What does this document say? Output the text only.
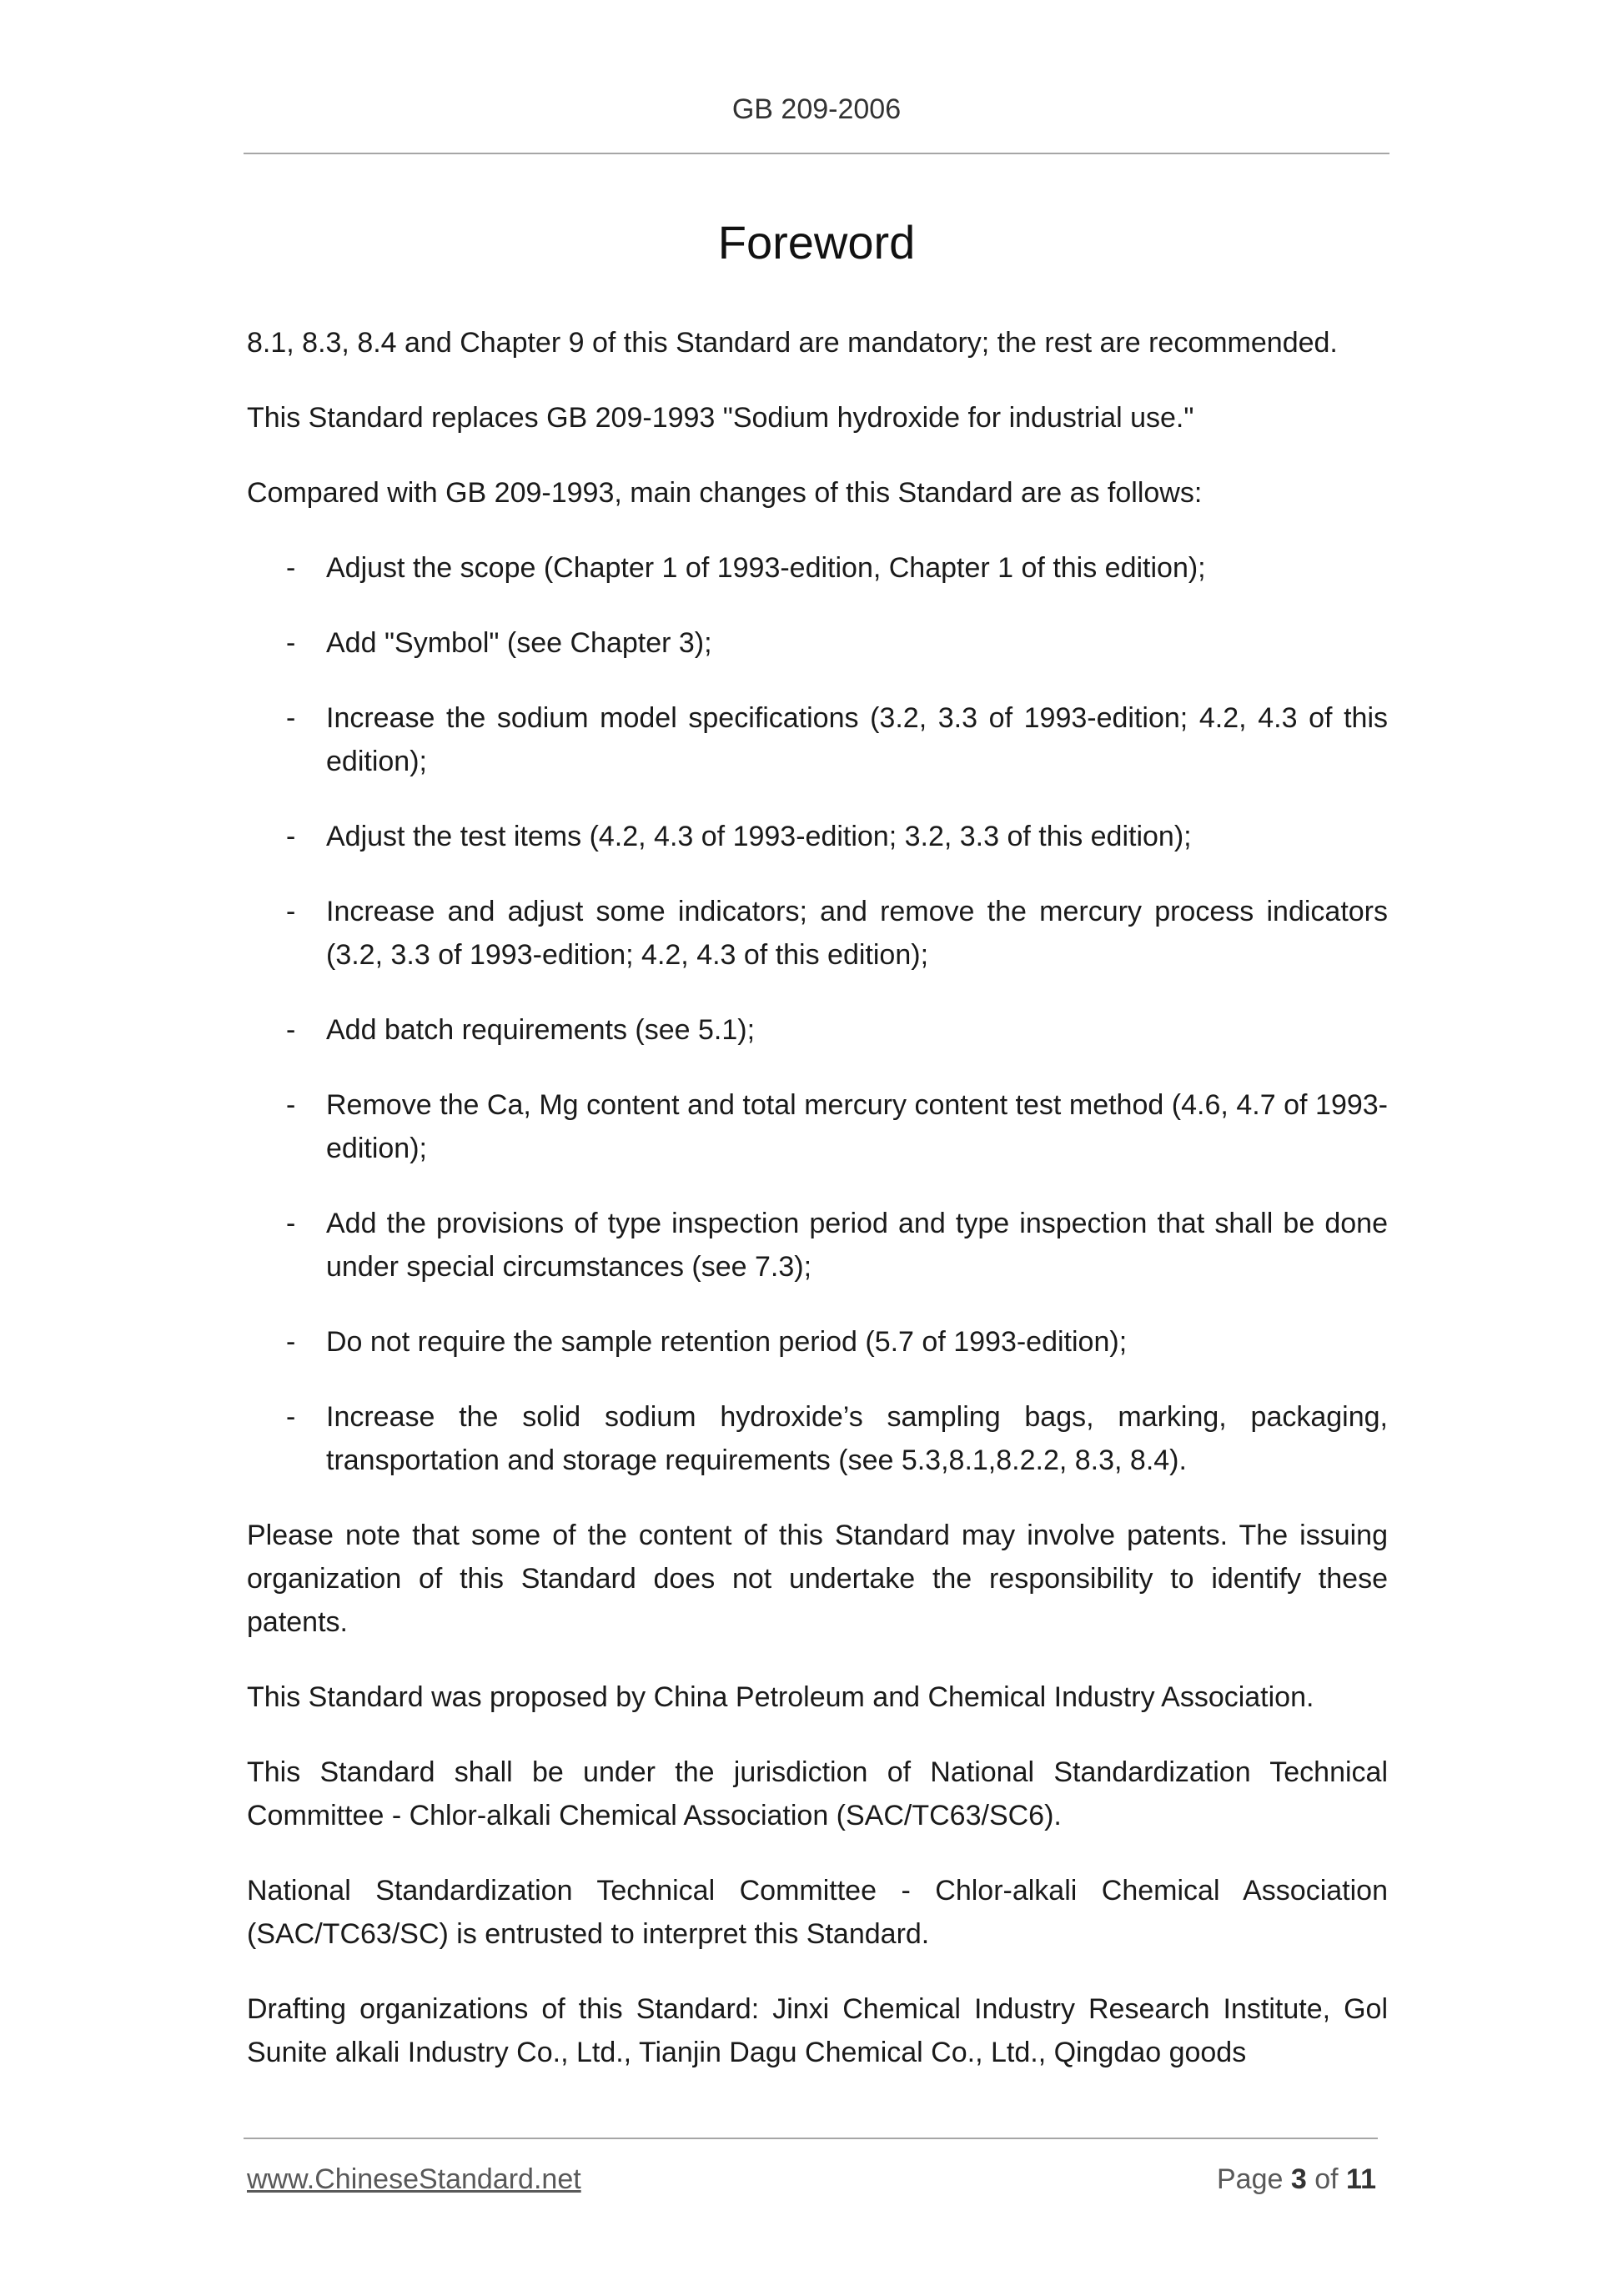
GB 209-2006
Foreword

8.1, 8.3, 8.4 and Chapter 9 of this Standard are mandatory; the rest are recommended.

This Standard replaces GB 209-1993 "Sodium hydroxide for industrial use."

Compared with GB 209-1993, main changes of this Standard are as follows:

- Adjust the scope (Chapter 1 of 1993-edition, Chapter 1 of this edition);
- Add "Symbol" (see Chapter 3);
- Increase the sodium model specifications (3.2, 3.3 of 1993-edition; 4.2, 4.3 of this edition);
- Adjust the test items (4.2, 4.3 of 1993-edition; 3.2, 3.3 of this edition);
- Increase and adjust some indicators; and remove the mercury process indicators (3.2, 3.3 of 1993-edition; 4.2, 4.3 of this edition);
- Add batch requirements (see 5.1);
- Remove the Ca, Mg content and total mercury content test method (4.6, 4.7 of 1993-edition);
- Add the provisions of type inspection period and type inspection that shall be done under special circumstances (see 7.3);
- Do not require the sample retention period (5.7 of 1993-edition);
- Increase the solid sodium hydroxide’s sampling bags, marking, packaging, transportation and storage requirements (see 5.3,8.1,8.2.2, 8.3, 8.4).

Please note that some of the content of this Standard may involve patents. The issuing organization of this Standard does not undertake the responsibility to identify these patents.

This Standard was proposed by China Petroleum and Chemical Industry Association.

This Standard shall be under the jurisdiction of National Standardization Technical Committee - Chlor-alkali Chemical Association (SAC/TC63/SC6).

National Standardization Technical Committee - Chlor-alkali Chemical Association (SAC/TC63/SC) is entrusted to interpret this Standard.

Drafting organizations of this Standard: Jinxi Chemical Industry Research Institute, Gol Sunite alkali Industry Co., Ltd., Tianjin Dagu Chemical Co., Ltd., Qingdao goods

www.ChineseStandard.net	Page 3 of 11
